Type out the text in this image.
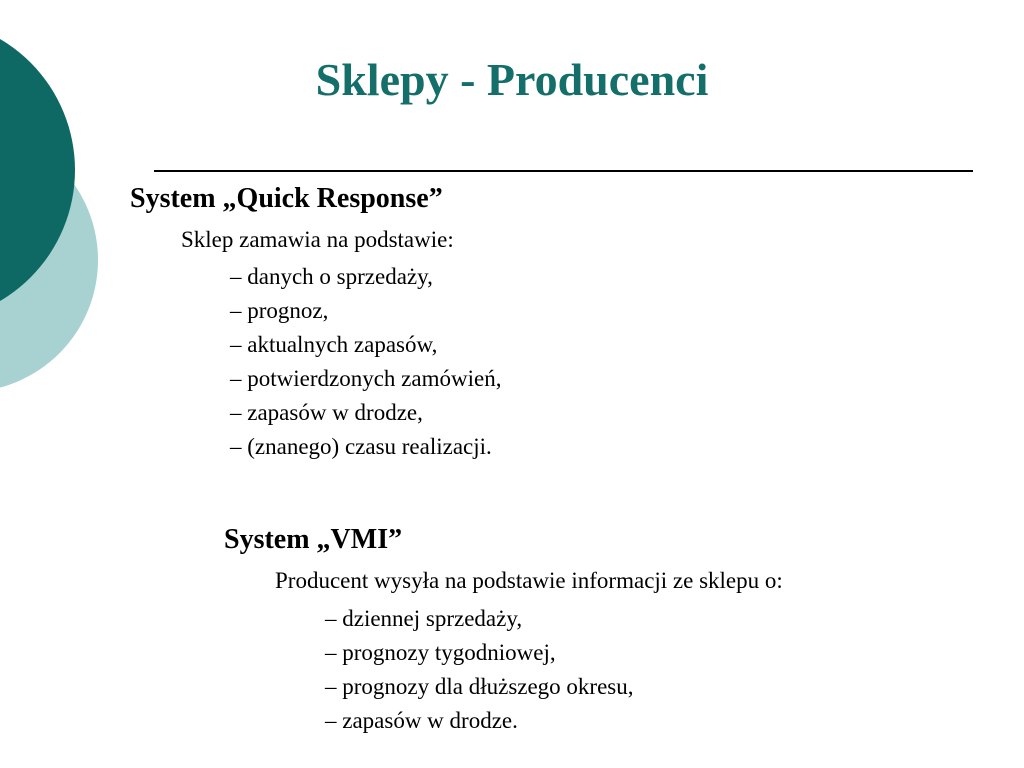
Sklepy - Producenci
System „Quick Response”
Sklep zamawia na podstawie:
– danych o sprzedaży,
– prognoz,
– aktualnych zapasów,
– potwierdzonych zamówień,
– zapasów w drodze,
– (znanego) czasu realizacji.
System „VMI”
Producent wysyła na podstawie informacji ze sklepu o:
– dziennej sprzedaży,
– prognozy tygodniowej,
– prognozy dla dłuższego okresu,
– zapasów w drodze.
